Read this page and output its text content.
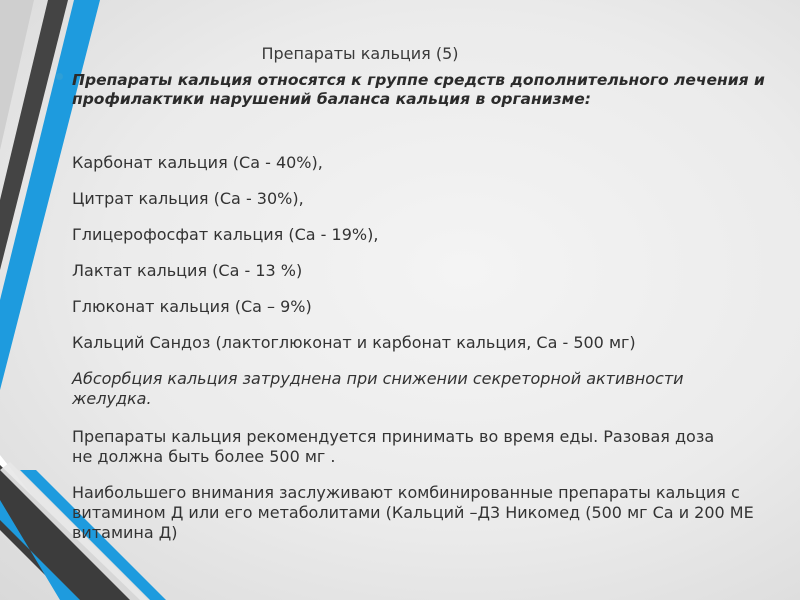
Препараты кальция (5)

Препараты кальция относятся к группе средств дополнительного лечения и профилактики нарушений баланса кальция в организме:

Карбонат кальция (Са - 40%),

Цитрат кальция (Са - 30%),

Глицерофосфат кальция (Са - 19%),

Лактат кальция (Са - 13 %)

Глюконат кальция (Са – 9%)

Кальций Сандоз (лактоглюконат и карбонат кальция, Са - 500 мг)

Абсорбция кальция затруднена при снижении секреторной активности желудка.

Препараты кальция рекомендуется принимать во время еды. Разовая доза не должна быть более 500 мг .

Наибольшего внимания заслуживают комбинированные препараты кальция с витамином Д или его метаболитами (Кальций –Д3 Никомед (500 мг Са и 200 МЕ витамина Д)
